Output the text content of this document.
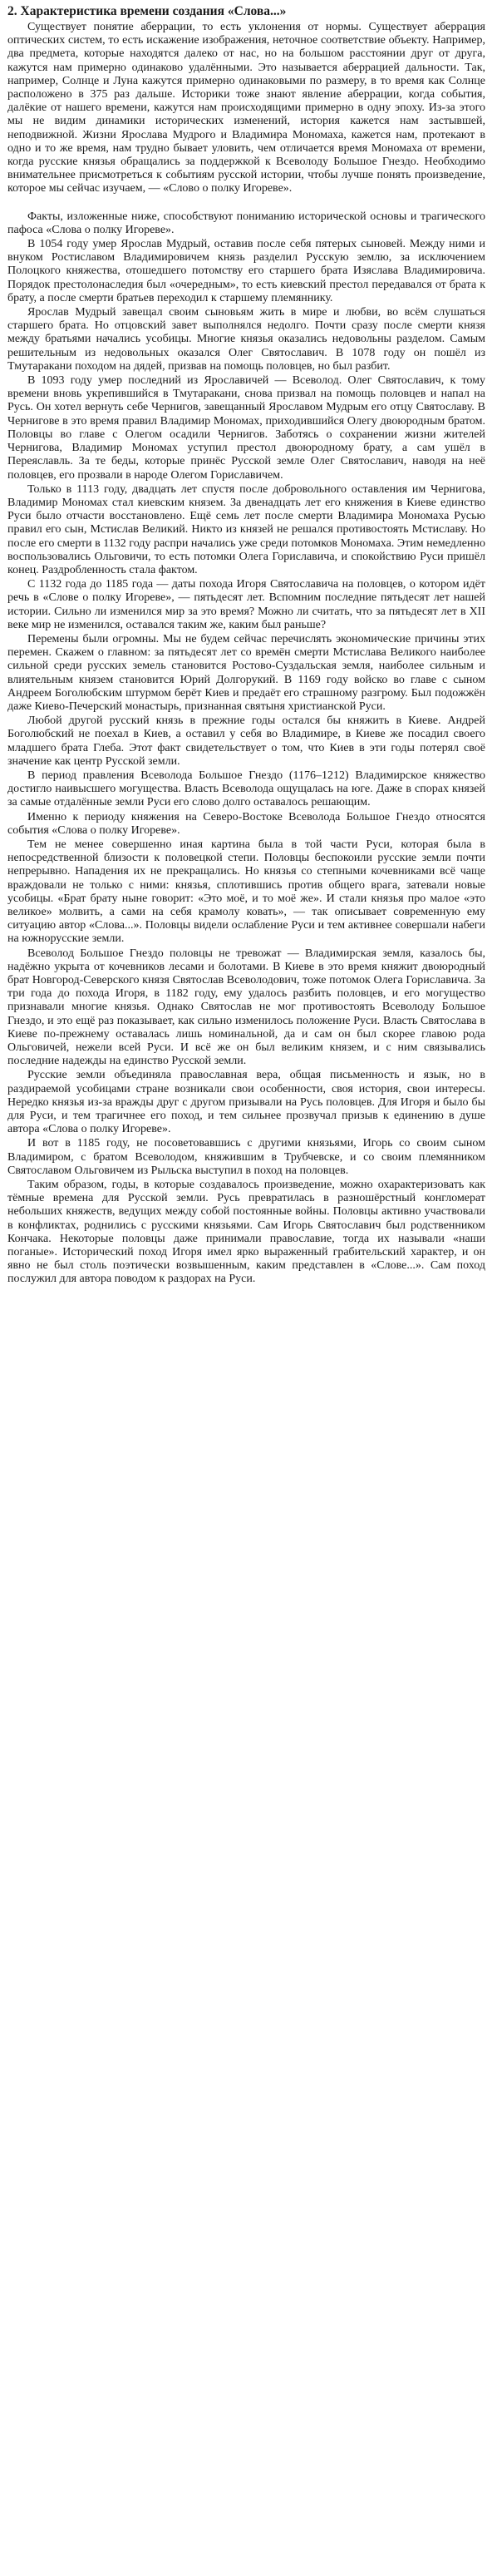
2. Характеристика времени создания «Слова...»

Существует понятие аберрации, то есть уклонения от нормы. Существует аберрация оптических систем, то есть искажение изображения, неточное соответствие объекту. Например, два предмета, которые находятся далеко от нас, но на большом расстоянии друг от друга, кажутся нам примерно одинаково удалёнными. Это называется аберрацией дальности. Так, например, Солнце и Луна кажутся примерно одинаковыми по размеру, в то время как Солнце расположено в 375 раз дальше. Историки тоже знают явление аберрации, когда события, далёкие от нашего времени, кажутся нам происходящими примерно в одну эпоху. Из-за этого мы не видим динамики исторических изменений, история кажется нам застывшей, неподвижной. Жизни Ярослава Мудрого и Владимира Мономаха, кажется нам, протекают в одно и то же время, нам трудно бывает уловить, чем отличается время Мономаха от времени, когда русские князья обращались за поддержкой к Всеволоду Большое Гнездо. Необходимо внимательнее присмотреться к событиям русской истории, чтобы лучше понять произведение, которое мы сейчас изучаем, — «Слово о полку Игореве».

Факты, изложенные ниже, способствуют пониманию исторической основы и трагического пафоса «Слова о полку Игореве».

В 1054 году умер Ярослав Мудрый, оставив после себя пятерых сыновей. Между ними и внуком Ростиславом Владимировичем князь разделил Русскую землю, за исключением Полоцкого княжества, отошедшего потомству его старшего брата Изяслава Владимировича. Порядок престолонаследия был «очередным», то есть киевский престол передавался от брата к брату, а после смерти братьев переходил к старшему племяннику.

Ярослав Мудрый завещал своим сыновьям жить в мире и любви, во всём слушаться старшего брата. Но отцовский завет выполнялся недолго. Почти сразу после смерти князя между братьями начались усобицы. Многие князья оказались недовольны разделом. Самым решительным из недовольных оказался Олег Святославич. В 1078 году он пошёл из Тмутаракани походом на дядей, призвав на помощь половцев, но был разбит.

В 1093 году умер последний из Ярославичей — Всеволод. Олег Святославич, к тому времени вновь укрепившийся в Тмутаракани, снова призвал на помощь половцев и напал на Русь. Он хотел вернуть себе Чернигов, завещанный Ярославом Мудрым его отцу Святославу. В Чернигове в это время правил Владимир Мономах, приходившийся Олегу двоюродным братом. Половцы во главе с Олегом осадили Чернигов. Заботясь о сохранении жизни жителей Чернигова, Владимир Мономах уступил престол двоюродному брату, а сам ушёл в Переяславль. За те беды, которые принёс Русской земле Олег Святославич, наводя на неё половцев, его прозвали в народе Олегом Гориславичем.

Только в 1113 году, двадцать лет спустя после добровольного оставления им Чернигова, Владимир Мономах стал киевским князем. За двенадцать лет его княжения в Киеве единство Руси было отчасти восстановлено. Ещё семь лет после смерти Владимира Мономаха Русью правил его сын, Мстислав Великий. Никто из князей не решался противостоять Мстиславу. Но после его смерти в 1132 году распри начались уже среди потомков Мономаха. Этим немедленно воспользовались Ольговичи, то есть потомки Олега Гориславича, и спокойствию Руси пришёл конец. Раздробленность стала фактом.

С 1132 года до 1185 года — даты похода Игоря Святославича на половцев, о котором идёт речь в «Слове о полку Игореве», — пятьдесят лет. Вспомним последние пятьдесят лет нашей истории. Сильно ли изменился мир за это время? Можно ли считать, что за пятьдесят лет в XII веке мир не изменился, оставался таким же, каким был раньше?

Перемены были огромны. Мы не будем сейчас перечислять экономические причины этих перемен. Скажем о главном: за пятьдесят лет со времён смерти Мстислава Великого наиболее сильной среди русских земель становится Ростово-Суздальская земля, наиболее сильным и влиятельным князем становится Юрий Долгорукий. В 1169 году войско во главе с сыном Андреем Боголюбским штурмом берёт Киев и предаёт его страшному разгрому. Был подожжён даже Киево-Печерский монастырь, признанная святыня христианской Руси.

Любой другой русский князь в прежние годы остался бы княжить в Киеве. Андрей Боголюбский не поехал в Киев, а оставил у себя во Владимире, в Киеве же посадил своего младшего брата Глеба. Этот факт свидетельствует о том, что Киев в эти годы потерял своё значение как центр Русской земли.

В период правления Всеволода Большое Гнездо (1176–1212) Владимирское княжество достигло наивысшего могущества. Власть Всеволода ощущалась на юге. Даже в спорах князей за самые отдалённые земли Руси его слово долго оставалось решающим.

Именно к периоду княжения на Северо-Востоке Всеволода Большое Гнездо относятся события «Слова о полку Игореве».

Тем не менее совершенно иная картина была в той части Руси, которая была в непосредственной близости к половецкой степи. Половцы беспокоили русские земли почти непрерывно. Нападения их не прекращались. Но князья со степными кочевниками всё чаще враждовали не только с ними: князья, сплотившись против общего врага, затевали новые усобицы. «Брат брату ныне говорит: «Это моё, и то моё же». И стали князья про малое «это великое» молвить, а сами на себя крамолу ковать», — так описывает современную ему ситуацию автор «Слова...». Половцы видели ослабление Руси и тем активнее совершали набеги на южнорусские земли.

Всеволод Большое Гнездо половцы не тревожат — Владимирская земля, казалось бы, надёжно укрыта от кочевников лесами и болотами. В Киеве в это время княжит двоюродный брат Новгород-Северского князя Святослав Всеволодович, тоже потомок Олега Гориславича. За три года до похода Игоря, в 1182 году, ему удалось разбить половцев, и его могущество признавали многие князья. Однако Святослав не мог противостоять Всеволоду Большое Гнездо, и это ещё раз показывает, как сильно изменилось положение Руси. Власть Святослава в Киеве по-прежнему оставалась лишь номинальной, да и сам он был скорее главою рода Ольговичей, нежели всей Руси. И всё же он был великим князем, и с ним связывались последние надежды на единство Русской земли.

Русские земли объединяла православная вера, общая письменность и язык, но в раздираемой усобицами стране возникали свои особенности, своя история, свои интересы. Нередко князья из-за вражды друг с другом призывали на Русь половцев. Для Игоря и было бы для Руси, и тем трагичнее его поход, и тем сильнее прозвучал призыв к единению в душе автора «Слова о полку Игореве».

И вот в 1185 году, не посоветовавшись с другими князьями, Игорь со своим сыном Владимиром, с братом Всеволодом, княжившим в Трубчевске, и со своим племянником Святославом Ольговичем из Рыльска выступил в поход на половцев.

Таким образом, годы, в которые создавалось произведение, можно охарактеризовать как тёмные времена для Русской земли. Русь превратилась в разношёрстный конгломерат небольших княжеств, ведущих между собой постоянные войны. Половцы активно участвовали в конфликтах, роднились с русскими князьями. Сам Игорь Святославич был родственником Кончака. Некоторые половцы даже принимали православие, тогда их называли «наши поганые». Исторический поход Игоря имел ярко выраженный грабительский характер, и он явно не был столь поэтически возвышенным, каким представлен в «Слове...». Сам поход послужил для автора поводом к раздорах на Руси.
